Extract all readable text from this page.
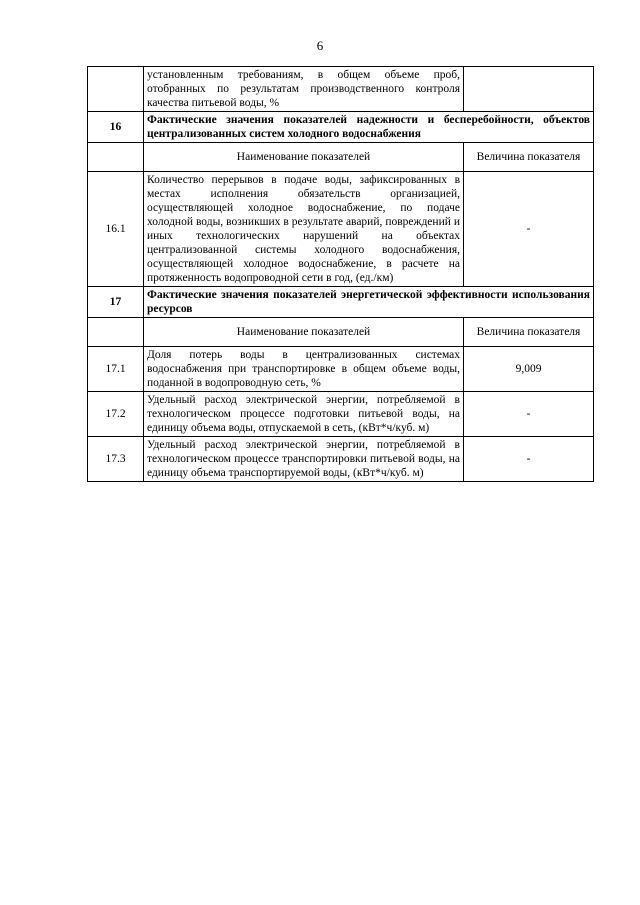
6
	установленным требованиям, в общем объеме проб, отобранных по результатам производственного контроля качества питьевой воды, %	
16	Фактические значения показателей надежности и бесперебойности, объектов централизованных систем холодного водоснабжения	
	Наименование показателей	Величина показателя
16.1	Количество перерывов в подаче воды, зафиксированных в местах исполнения обязательств организацией, осуществляющей холодное водоснабжение, по подаче холодной воды, возникших в результате аварий, повреждений и иных технологических нарушений на объектах централизованной системы холодного водоснабжения, осуществляющей холодное водоснабжение, в расчете на протяженность водопроводной сети в год, (ед./км)	-
17	Фактические значения показателей энергетической эффективности использования ресурсов	
	Наименование показателей	Величина показателя
17.1	Доля потерь воды в централизованных системах водоснабжения при транспортировке в общем объеме воды, поданной в водопроводную сеть, %	9,009
17.2	Удельный расход электрической энергии, потребляемой в технологическом процессе подготовки питьевой воды, на единицу объема воды, отпускаемой в сеть, (кВт*ч/куб. м)	-
17.3	Удельный расход электрической энергии, потребляемой в технологическом процессе транспортировки питьевой воды, на единицу объема транспортируемой воды, (кВт*ч/куб. м)	-
